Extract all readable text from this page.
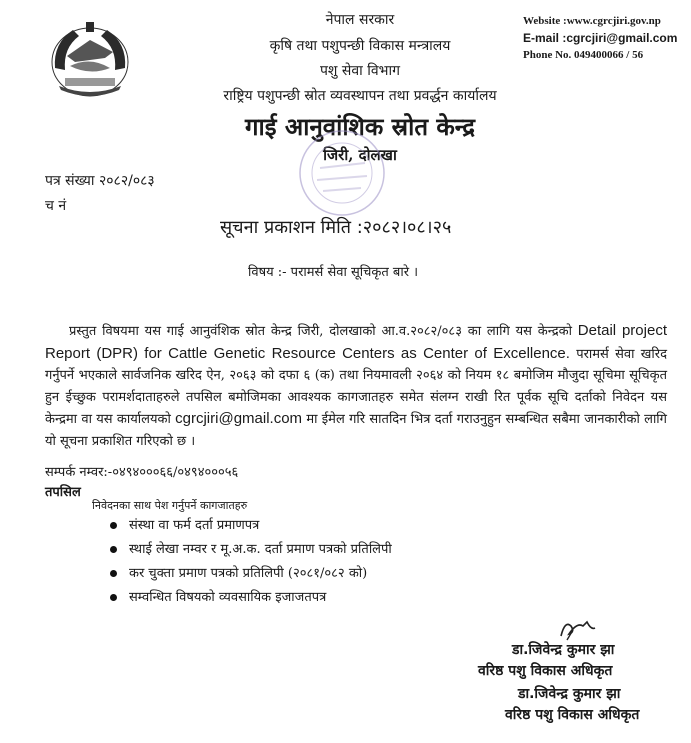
नेपाल सरकार
कृषि तथा पशुपन्छी विकास मन्त्रालय
पशु सेवा विभाग
राष्ट्रिय पशुपन्छी स्रोत व्यवस्थापन तथा प्रवर्द्धन कार्यालय
गाई आनुवांशिक स्रोत केन्द्र
जिरी, दोलखा
Website :www.cgrcjiri.gov.np
E-mail :cgrcjiri@gmail.com
Phone No. 049400066 / 56
पत्र संख्या २०८२/०८३
च नं
सूचना प्रकाशन मिति :२०८२।०८।२५
विषय :- परामर्स सेवा सूचिकृत बारे ।
प्रस्तुत विषयमा यस गाई आनुवंशिक स्रोत केन्द्र जिरी, दोलखाको आ.व.२०८२/०८३ का लागि यस केन्द्रको Detail project Report (DPR) for Cattle Genetic Resource Centers as Center of Excellence. परामर्स सेवा खरिद गर्नुपर्ने भएकाले सार्वजनिक खरिद ऐन, २०६३ को दफा ६ (क) तथा नियमावली २०६४ को नियम १८ बमोजिम मौजुदा सूचिमा सूचिकृत हुन ईच्छुक परामर्शदाताहरुले तपसिल बमोजिमका आवश्यक कागजातहरु समेत संलग्न राखी रित पूर्वक सूचि दर्ताको निवेदन यस केन्द्रमा वा यस कार्यालयको cgrcjiri@gmail.com मा ईमेल गरि सातदिन भित्र दर्ता गराउनुहुन सम्बन्धित सबैमा जानकारीको लागि यो सूचना प्रकाशित गरिएको छ ।
सम्पर्क नम्वर:-०४९४०००६६/०४९४०००५६
तपसिल
निवेदनका साथ पेश गर्नुपर्ने कागजातहरु
संस्था वा फर्म दर्ता प्रमाणपत्र
स्थाई लेखा नम्वर र मू.अ.क. दर्ता प्रमाण पत्रको प्रतिलिपी
कर चुक्ता प्रमाण पत्रको प्रतिलिपी (२०८१/०८२ को)
सम्वन्धित विषयको व्यवसायिक इजाजतपत्र
डा.जिवेन्द्र कुमार झा
वरिष्ठ पशु विकास अधिकृत
डा.जिवेन्द्र कुमार झा
वरिष्ठ पशु विकास अधिकृत
